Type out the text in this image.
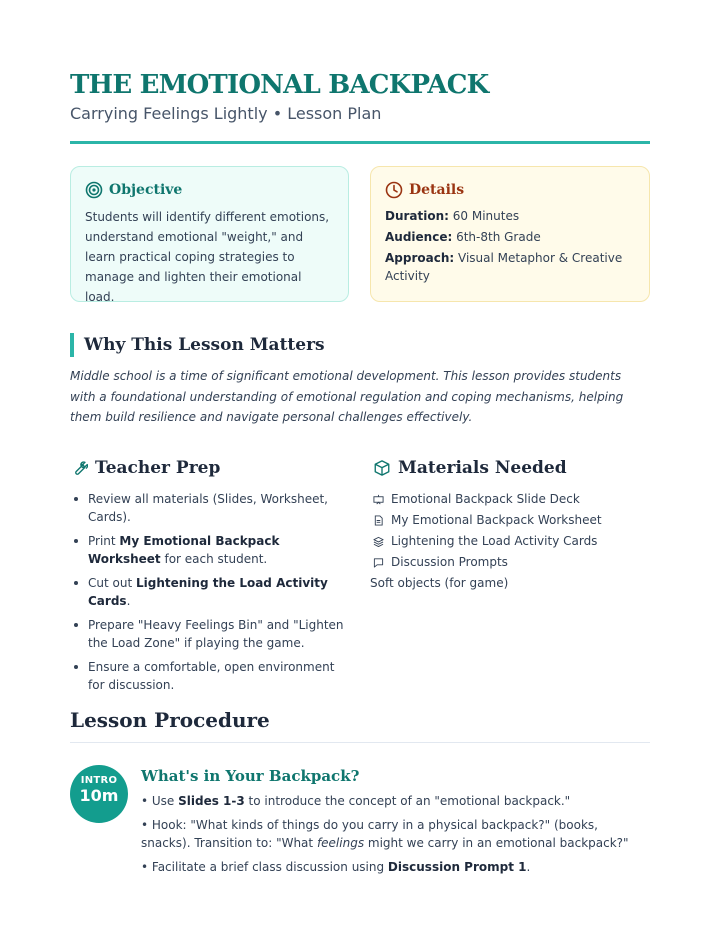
THE EMOTIONAL BACKPACK
Carrying Feelings Lightly • Lesson Plan
Objective

Students will identify different emotions, understand emotional "weight," and learn practical coping strategies to manage and lighten their emotional load.

Details
Duration: 60 Minutes
Audience: 6th-8th Grade
Approach: Visual Metaphor & Creative Activity
Why This Lesson Matters

Middle school is a time of significant emotional development. This lesson provides students with a foundational understanding of emotional regulation and coping mechanisms, helping them build resilience and navigate personal challenges effectively.

Teacher Prep
Review all materials (Slides, Worksheet, Cards).
Print My Emotional Backpack Worksheet for each student.
Cut out Lightening the Load Activity Cards.
Prepare "Heavy Feelings Bin" and "Lighten the Load Zone" if playing the game.
Ensure a comfortable, open environment for discussion.
Materials Needed
Emotional Backpack Slide Deck
My Emotional Backpack Worksheet
Lightening the Load Activity Cards
Discussion Prompts
Soft objects (for game)
Lesson Procedure
INTRO
10m
What's in Your Backpack?
• Use Slides 1-3 to introduce the concept of an "emotional backpack."
• Hook: "What kinds of things do you carry in a physical backpack?" (books, snacks). Transition to: "What feelings might we carry in an emotional backpack?"
• Facilitate a brief class discussion using Discussion Prompt 1.
